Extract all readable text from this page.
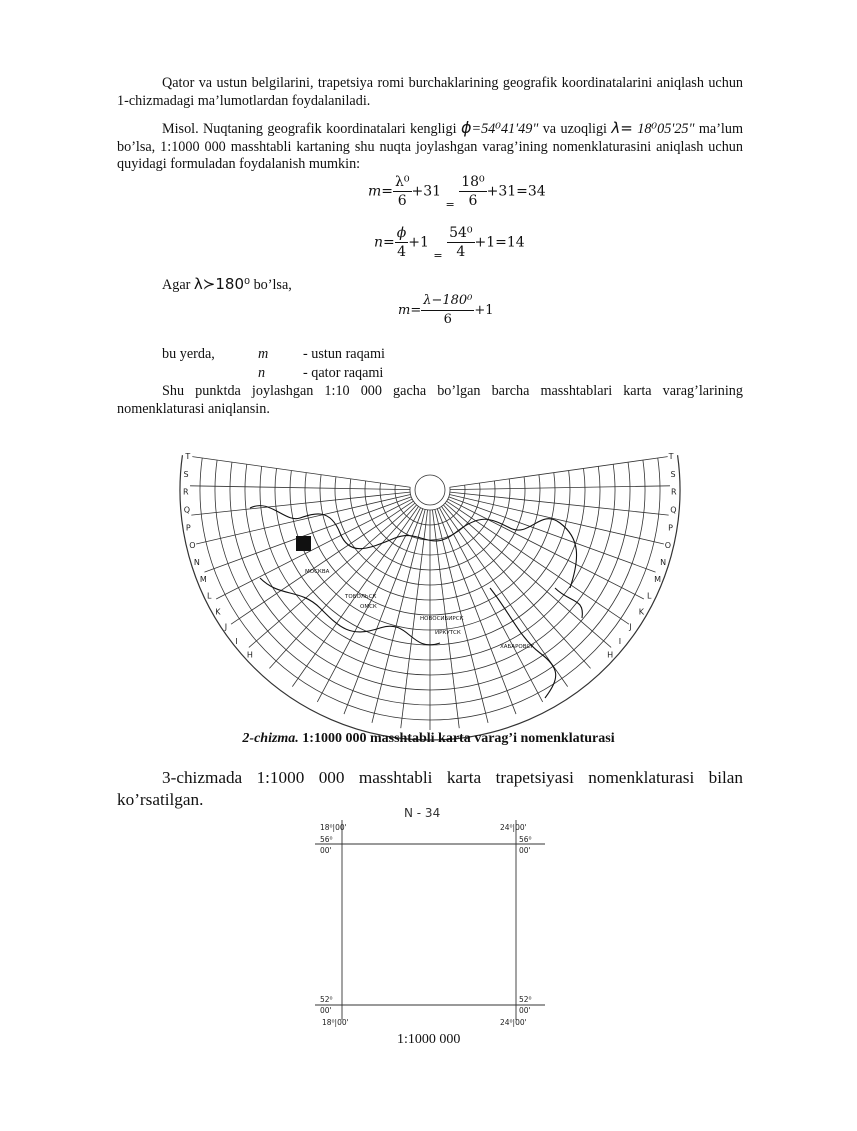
Qator va ustun belgilarini, trapetsiya romi burchaklarining geografik koordinatalarini aniqlash uchun 1-chizmadagi ma’lumotlardan foydalaniladi.

Misol. Nuqtaning geografik koordinatalari kengligi ϕ=54⁰41'49" va uzoqligi λ= 18⁰05'25" ma’lum bo’lsa, 1:1000 000 masshtabli kartaning shu nuqta joylashgan varag’ining nomenklaturasini aniqlash uchun quyidagi formuladan foydalanish mumkin:

$m= \frac{\text{λ⁰}}{6} +31$ $_= \frac{\text{18⁰}}{6} +31=34$
$n= \frac{\phi}{4} +1$ $_= \frac{\text{54⁰}}{4} +1=14$
Agar λ≻180⁰ bo’lsa,
$m= \frac{\text{λ−180⁰}}{6} +1$
bu yerda,	m - ustun raqami
n	- qator raqami

Shu punktda joylashgan 1:10 000 gacha bo’lgan barcha masshtablari karta varag’larining nomenklaturasi aniqlansin.

T	T
S	S
R	R
Q	Q
P	P
O	O
N	N
M	M
L	L
K	K
J	J
I	I
H	H
МОСКВА
НОВОСИБИРСК
ИРКУТСК
ОМСК
ХАБАРОВСК
ТОБОЛЬСК
2-chizma. 1:1000 000 masshtabli karta varag’i nomenklaturasi

3-chizmada 1:1000 000 masshtabli karta trapetsiyasi nomenklaturasi bilan ko’rsatilgan.

N - 34
18⁰|00'
56⁰
00'
24⁰|00'
56⁰
00'
52⁰
00'
18⁰|00'
52⁰
00'
24⁰|00'
1:1000 000
